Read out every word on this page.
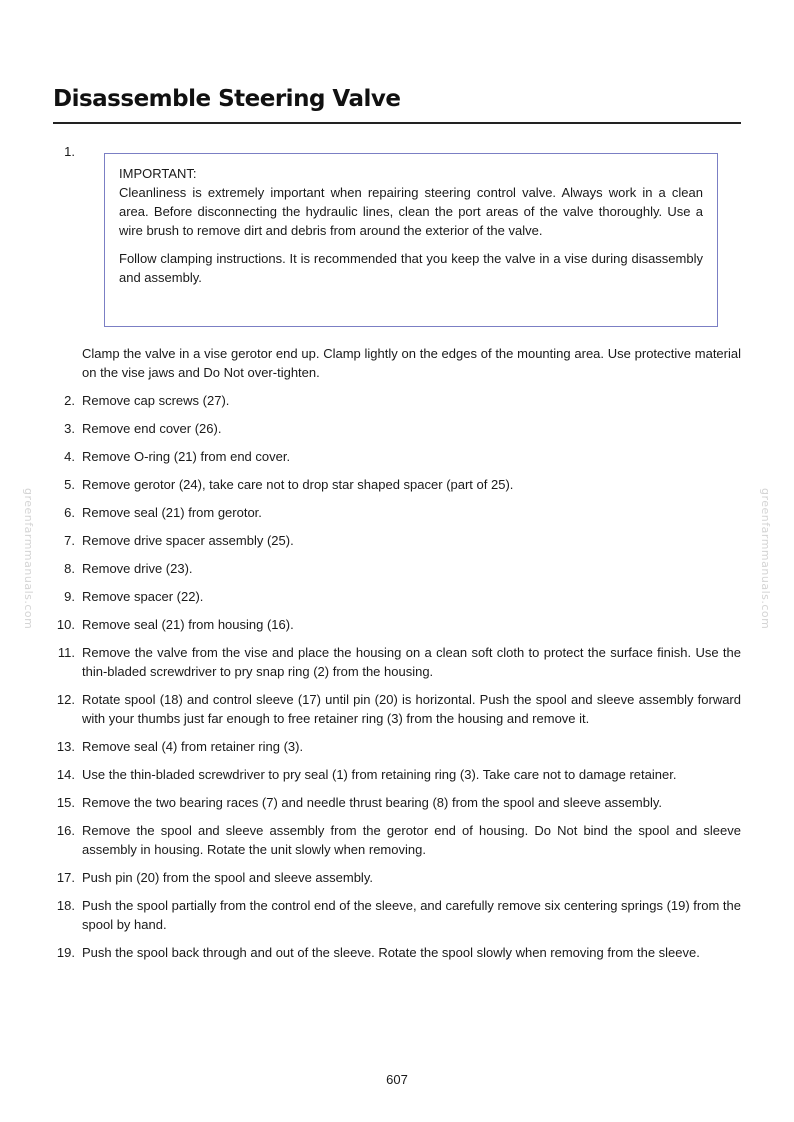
Disassemble Steering Valve
greenfarmmanuals.com	greenfarmmanuals.com
1.
IMPORTANT:

Cleanliness is extremely important when repairing steering control valve. Always work in a clean area. Before disconnecting the hydraulic lines, clean the port areas of the valve thoroughly. Use a wire brush to remove dirt and debris from around the exterior of the valve.

Follow clamping instructions. It is recommended that you keep the valve in a vise during disassembly and assembly.

Clamp the valve in a vise gerotor end up. Clamp lightly on the edges of the mounting area. Use protective material on the vise jaws and Do Not over-tighten.
2. Remove cap screws (27).
3. Remove end cover (26).
4. Remove O-ring (21) from end cover.
5. Remove gerotor (24), take care not to drop star shaped spacer (part of 25).
6. Remove seal (21) from gerotor.
7. Remove drive spacer assembly (25).
8. Remove drive (23).
9. Remove spacer (22).
10. Remove seal (21) from housing (16).
11. Remove the valve from the vise and place the housing on a clean soft cloth to protect the surface finish. Use the thin-bladed screwdriver to pry snap ring (2) from the housing.
12. Rotate spool (18) and control sleeve (17) until pin (20) is horizontal. Push the spool and sleeve assembly forward with your thumbs just far enough to free retainer ring (3) from the housing and remove it.
13. Remove seal (4) from retainer ring (3).
14. Use the thin-bladed screwdriver to pry seal (1) from retaining ring (3). Take care not to damage retainer.
15. Remove the two bearing races (7) and needle thrust bearing (8) from the spool and sleeve assembly.
16. Remove the spool and sleeve assembly from the gerotor end of housing. Do Not bind the spool and sleeve assembly in housing. Rotate the unit slowly when removing.
17. Push pin (20) from the spool and sleeve assembly.
18. Push the spool partially from the control end of the sleeve, and carefully remove six centering springs (19) from the spool by hand.
19. Push the spool back through and out of the sleeve. Rotate the spool slowly when removing from the sleeve.
607
